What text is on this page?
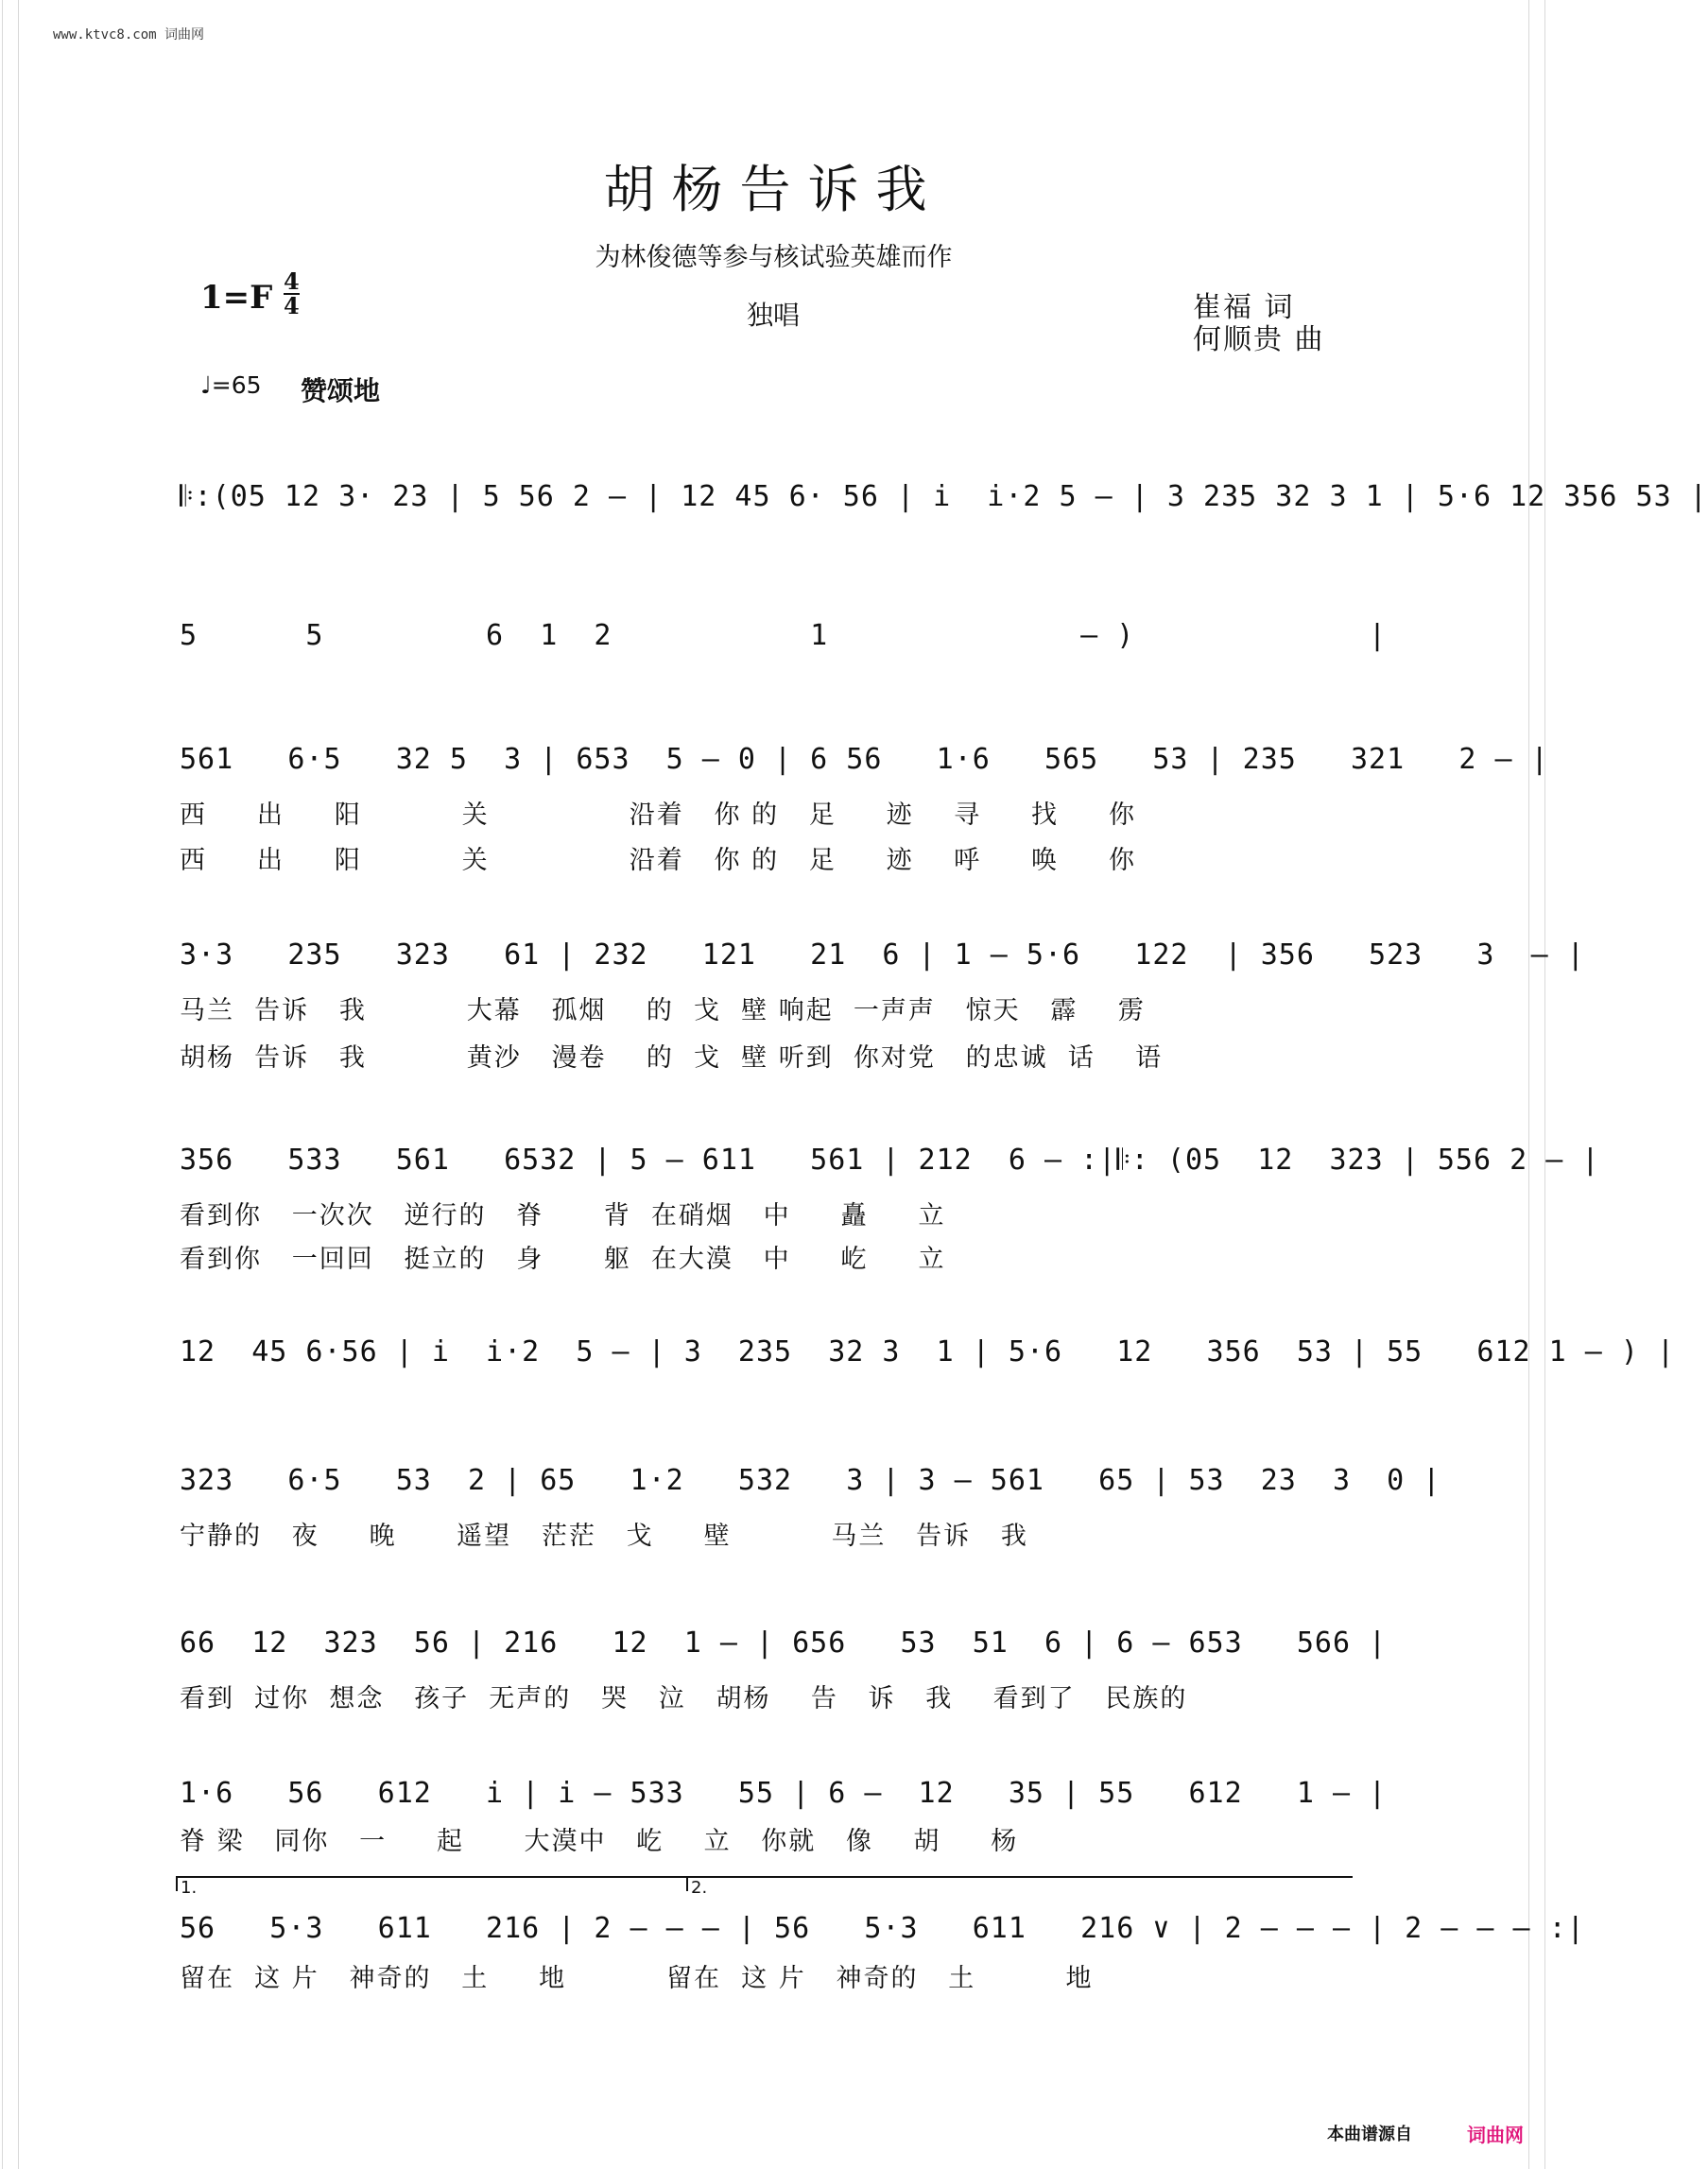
www.ktvc8.com 词曲网
胡杨告诉我
为林俊德等参与核试验英雄而作
1=F 4
4	独唱	崔福 词
何顺贵 曲
♩=65 赞颂地
𝄆:(05 12 3· 23 | 5 56 2 – | 12 45 6· 56 | i  i·2 5 – | 3 235 32 3 1 | 5·6 12 356 53 |
5      5         6  1  2           1              – )             |
561   6·5   32 5  3 | 653  5 – 0 | 6 56   1·6   565   53 | 235   321   2 – |
西     出     阳          关              沿着   你 的   足     迹    寻     找     你
西     出     阳          关              沿着   你 的   足     迹    呼     唤     你
3·3   235   323   61 | 232   121   21  6 | 1 – 5·6   122  | 356   523   3  – |
马兰  告诉   我          大幕   孤烟    的  戈  壁 响起  一声声   惊天   霹    雳
胡杨  告诉   我          黄沙   漫卷    的  戈  壁 听到  你对党   的忠诚  话    语
356   533   561   6532 | 5 – 611   561 | 212  6 – :|𝄆: (05  12  323 | 556 2 – |
看到你   一次次   逆行的   脊      背  在硝烟   中     矗     立
看到你   一回回   挺立的   身      躯  在大漠   中     屹     立
12  45 6·56 | i  i·2  5 – | 3  235  32 3  1 | 5·6   12   356  53 | 55   612 1 – ) |
323   6·5   53  2 | 65   1·2   532   3 | 3 – 561   65 | 53  23  3  0 |
宁静的   夜     晚      遥望   茫茫   戈     壁          马兰   告诉   我
66  12  323  56 | 216   12  1 – | 656   53  51  6 | 6 – 653   566 |
看到  过你  想念   孩子  无声的   哭   泣   胡杨    告   诉   我    看到了   民族的
1·6   56   612   i | i – 533   55 | 6 –  12   35 | 55   612   1 – |
脊 梁   同你   一     起      大漠中   屹    立   你就   像    胡     杨
1.	2.
56   5·3   611   216 | 2 – – – | 56   5·3   611   216 ∨ | 2 – – – | 2 – – – :|
留在  这 片   神奇的   土     地          留在  这 片   神奇的   土         地
本曲谱源自	词曲网
